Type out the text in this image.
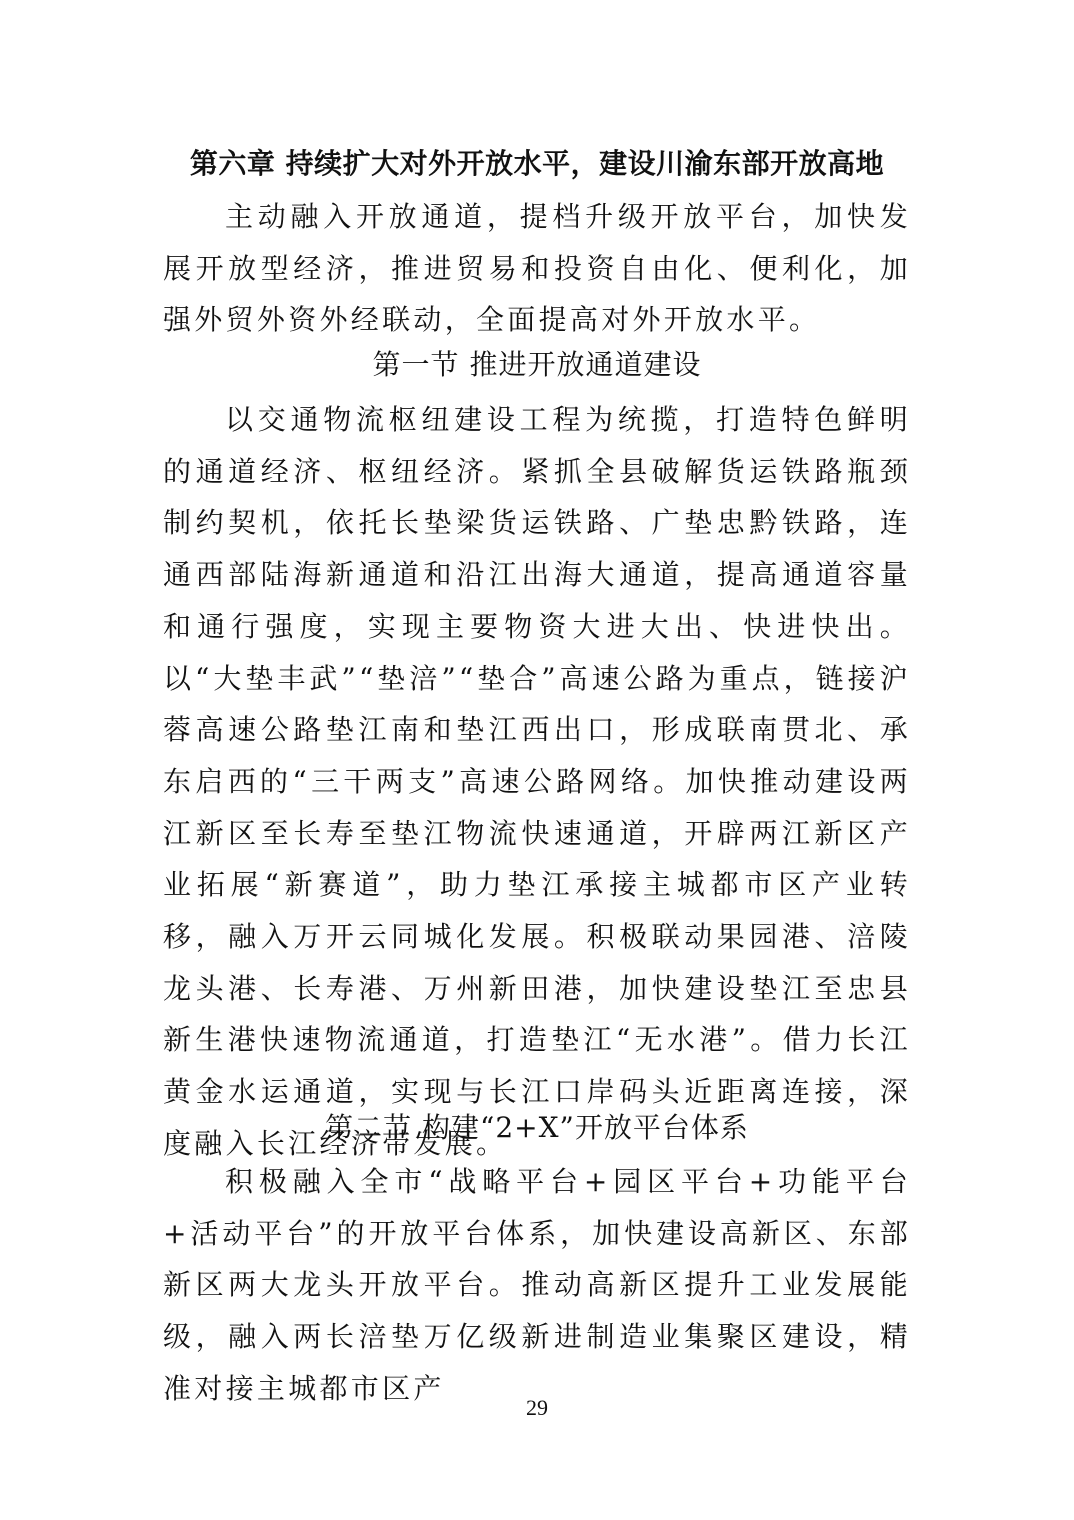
第六章 持续扩大对外开放水平，建设川渝东部开放高地

主动融入开放通道，提档升级开放平台，加快发展开放型经济，推进贸易和投资自由化、便利化，加强外贸外资外经联动，全面提高对外开放水平。

第一节 推进开放通道建设

以交通物流枢纽建设工程为统揽，打造特色鲜明的通道经济、枢纽经济。紧抓全县破解货运铁路瓶颈制约契机，依托长垫梁货运铁路、广垫忠黔铁路，连通西部陆海新通道和沿江出海大通道，提高通道容量和通行强度，实现主要物资大进大出、快进快出。以“大垫丰武”“垫涪”“垫合”高速公路为重点，链接沪蓉高速公路垫江南和垫江西出口，形成联南贯北、承东启西的“三干两支”高速公路网络。加快推动建设两江新区至长寿至垫江物流快速通道，开辟两江新区产业拓展“新赛道”，助力垫江承接主城都市区产业转移，融入万开云同城化发展。积极联动果园港、涪陵龙头港、长寿港、万州新田港，加快建设垫江至忠县新生港快速物流通道，打造垫江“无水港”。借力长江黄金水运通道，实现与长江口岸码头近距离连接，深度融入长江经济带发展。

第二节 构建“2+X”开放平台体系

积极融入全市“战略平台+园区平台+功能平台+活动平台”的开放平台体系，加快建设高新区、东部新区两大龙头开放平台。推动高新区提升工业发展能级，融入两长涪垫万亿级新进制造业集聚区建设，精准对接主城都市区产

29
